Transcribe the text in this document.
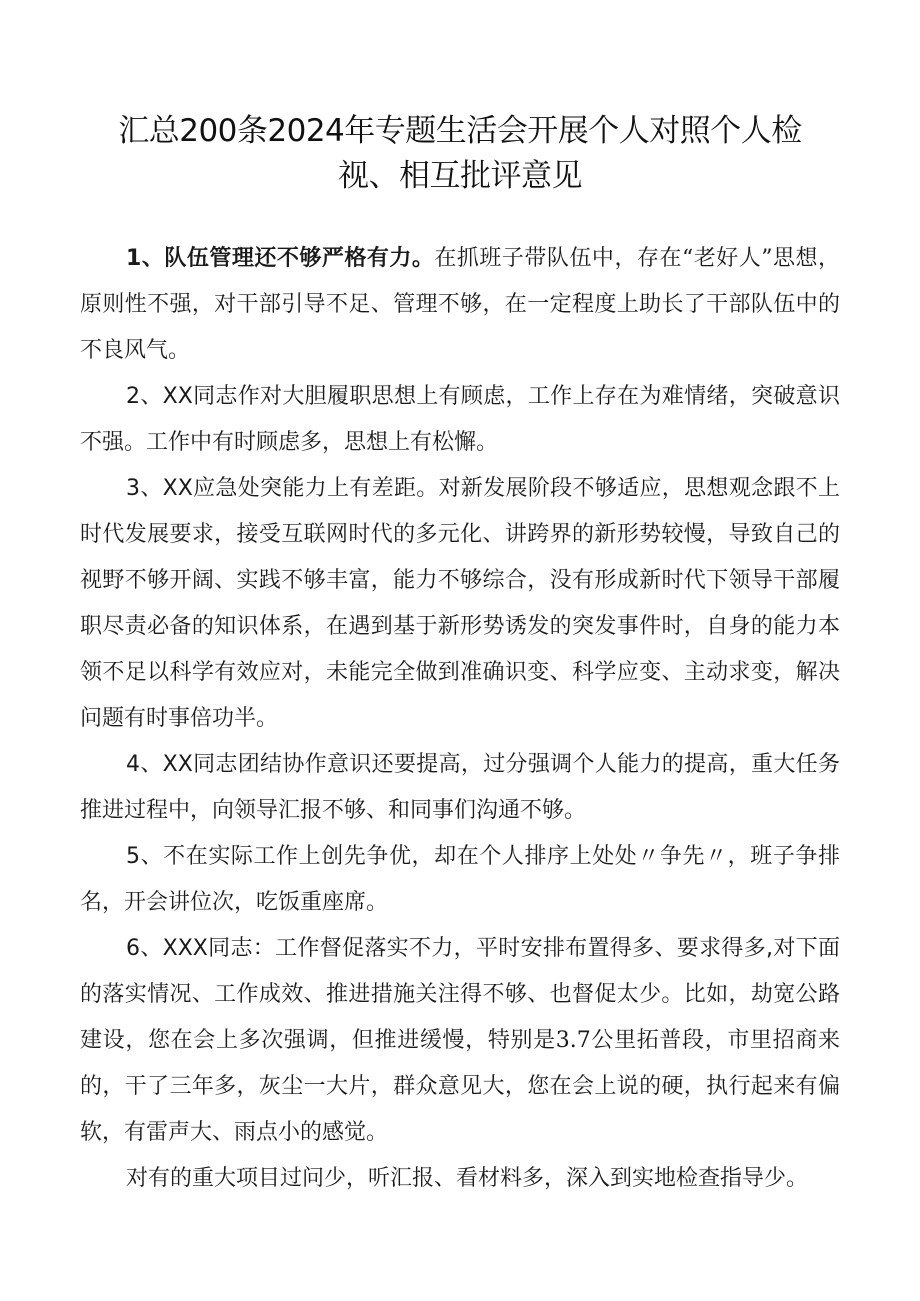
汇总200条2024年专题生活会开展个人对照个人检
视、相互批评意见

1、队伍管理还不够严格有力。在抓班子带队伍中，存在“老好人”思想，原则性不强，对干部引导不足、管理不够，在一定程度上助长了干部队伍中的不良风气。

2、XX同志作对大胆履职思想上有顾虑，工作上存在为难情绪，突破意识不强。工作中有时顾虑多，思想上有松懈。

3、XX应急处突能力上有差距。对新发展阶段不够适应，思想观念跟不上时代发展要求，接受互联网时代的多元化、讲跨界的新形势较慢，导致自己的视野不够开阔、实践不够丰富，能力不够综合，没有形成新时代下领导干部履职尽责必备的知识体系，在遇到基于新形势诱发的突发事件时，自身的能力本领不足以科学有效应对，未能完全做到准确识变、科学应变、主动求变，解决问题有时事倍功半。

4、XX同志团结协作意识还要提高，过分强调个人能力的提高，重大任务推进过程中，向领导汇报不够、和同事们沟通不够。

5、不在实际工作上创先争优，却在个人排序上处处〃争先〃，班子争排名，开会讲位次，吃饭重座席。

6、XXX同志：工作督促落实不力，平时安排布置得多、要求得多,对下面的落实情况、工作成效、推进措施关注得不够、也督促太少。比如，劫宽公路建设，您在会上多次强调，但推进缓慢，特别是3.7公里拓普段，市里招商来的，干了三年多，灰尘一大片，群众意见大，您在会上说的硬，执行起来有偏软，有雷声大、雨点小的感觉。

对有的重大项目过问少，听汇报、看材料多，深入到实地检查指导少。
